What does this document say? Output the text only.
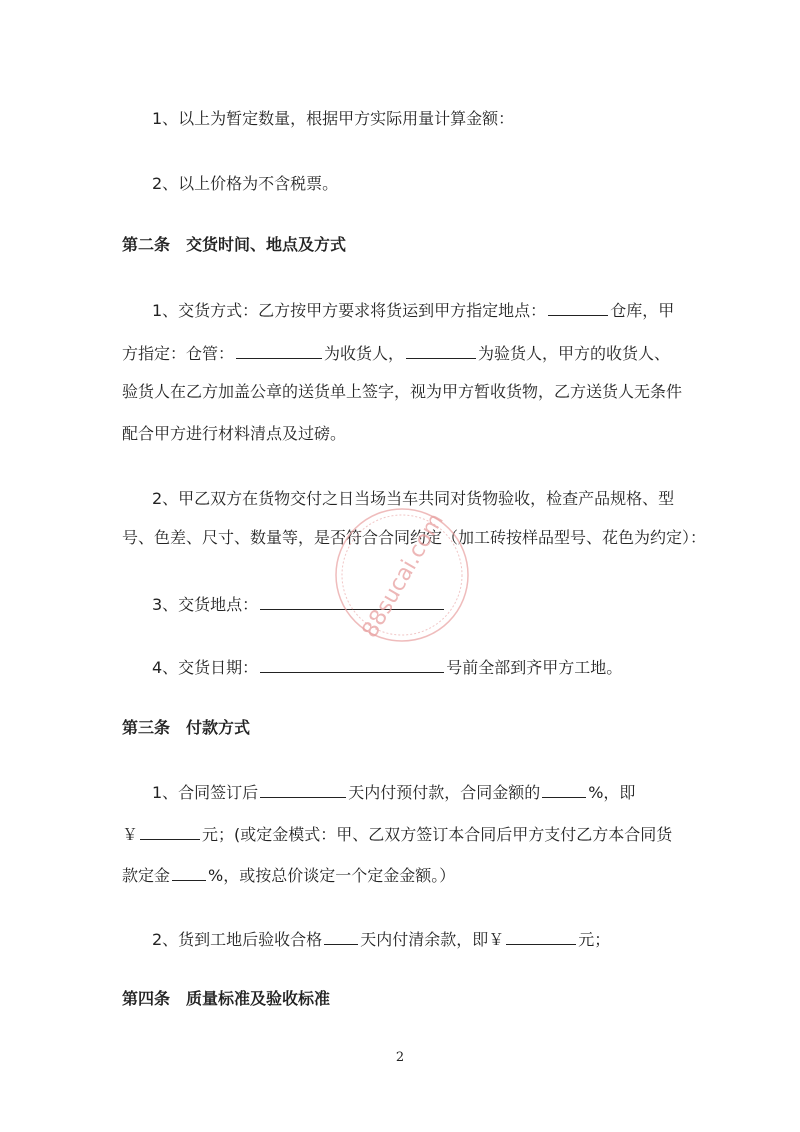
1、以上为暂定数量，根据甲方实际用量计算金额：
2、以上价格为不含税票。
第二条 交货时间、地点及方式
1、交货方式：乙方按甲方要求将货运到甲方指定地点：	仓库，甲
方指定：仓管：	为收货人，	为验货人，甲方的收货人、
验货人在乙方加盖公章的送货单上签字，视为甲方暂收货物，乙方送货人无条件
配合甲方进行材料清点及过磅。
2、甲乙双方在货物交付之日当场当车共同对货物验收，检查产品规格、型
号、色差、尺寸、数量等，是否符合合同约定（加工砖按样品型号、花色为约定）：
3、交货地点：
4、交货日期：	号前全部到齐甲方工地。
第三条 付款方式
1、合同签订后	天内付预付款，合同金额的	%，即
￥	元；(或定金模式：甲、乙双方签订本合同后甲方支付乙方本合同货
款定金 %，或按总价谈定一个定金金额。）
2、货到工地后验收合格 天内付清余款，即￥	元；
第四条 质量标准及验收标准
2
88sucai.com
